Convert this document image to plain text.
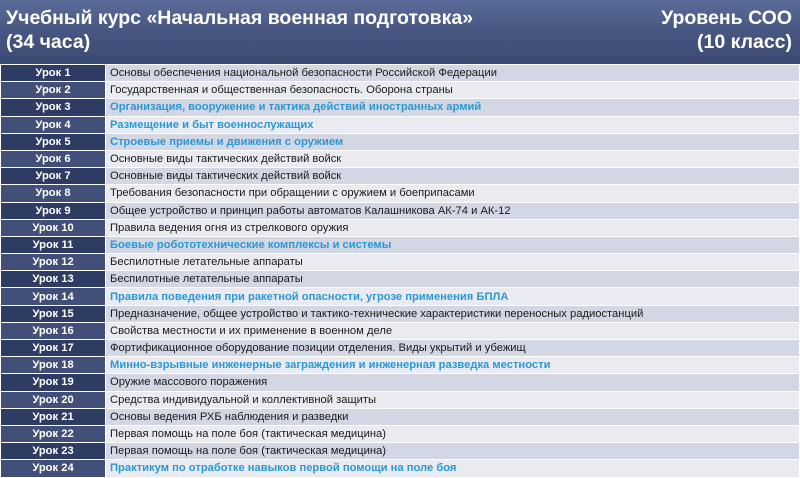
Учебный курс «Начальная военная подготовка»
(34 часа)
Уровень СОО
(10 класс)
Урок 1	Основы обеспечения национальной безопасности Российской Федерации
Урок 2	Государственная и общественная безопасность. Оборона страны
Урок 3	Организация, вооружение и тактика действий иностранных армий
Урок 4	Размещение и быт военнослужащих
Урок 5	Строевые приемы и движения с оружием
Урок 6	Основные виды тактических действий войск
Урок 7	Основные виды тактических действий войск
Урок 8	Требования безопасности при обращении с оружием и боеприпасами
Урок 9	Общее устройство и принцип работы автоматов Калашникова АК-74 и АК-12
Урок 10	Правила ведения огня из стрелкового оружия
Урок 11	Боевые робототехнические комплексы и системы
Урок 12	Беспилотные летательные аппараты
Урок 13	Беспилотные летательные аппараты
Урок 14	Правила поведения при ракетной опасности, угрозе применения БПЛА
Урок 15	Предназначение, общее устройство и тактико-технические характеристики переносных радиостанций
Урок 16	Свойства местности и их применение в военном деле
Урок 17	Фортификационное оборудование позиции отделения. Виды укрытий и убежищ
Урок 18	Минно-взрывные инженерные заграждения и инженерная разведка местности
Урок 19	Оружие массового поражения
Урок 20	Средства индивидуальной и коллективной защиты
Урок 21	Основы ведения РХБ наблюдения и разведки
Урок 22	Первая помощь на поле боя (тактическая медицина)
Урок 23	Первая помощь на поле боя (тактическая медицина)
Урок 24	Практикум по отработке навыков первой помощи на поле боя
